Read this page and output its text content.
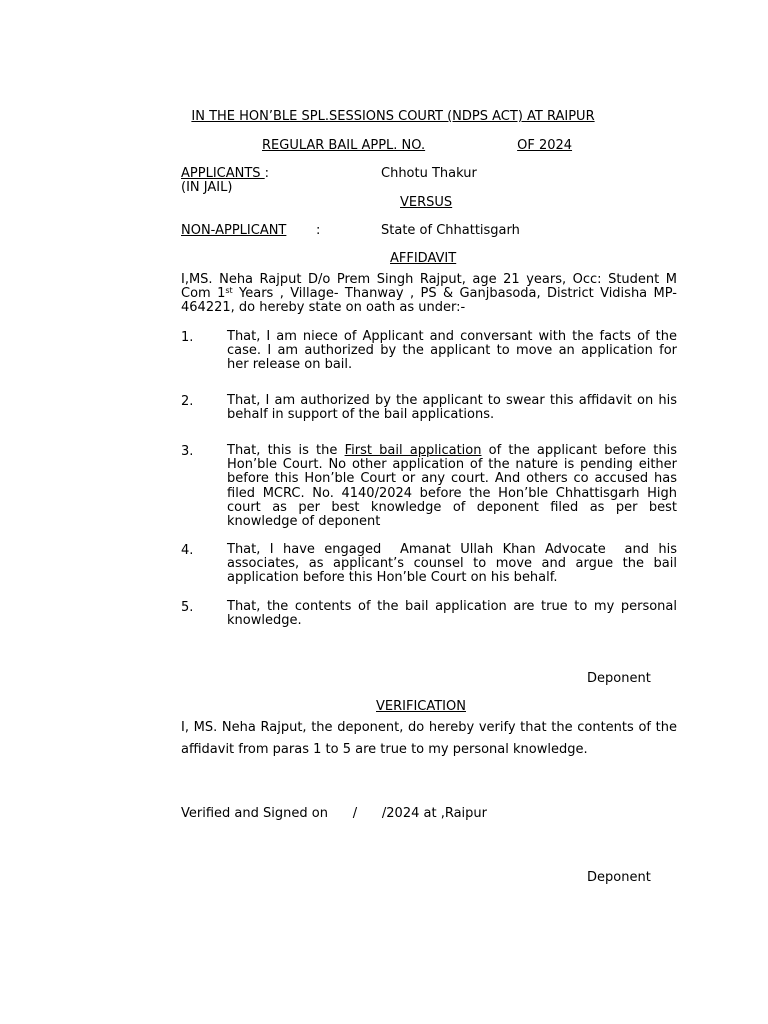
IN THE HON’BLE SPL.SESSIONS COURT (NDPS ACT) AT RAIPUR
REGULAR BAIL APPL. NO.	OF 2024
APPLICANTS :
(IN JAIL)
Chhotu Thakur
VERSUS
NON-APPLICANT :	State of Chhattisgarh
AFFIDAVIT
I,MS. Neha Rajput D/o Prem Singh Rajput, age 21 years, Occ: Student M Com 1st Years , Village- Thanway , PS & Ganjbasoda, District Vidisha MP- 464221, do hereby state on oath as under:-
1.	That, I am niece of Applicant and conversant with the facts of the case. I am authorized by the applicant to move an application for her release on bail.
2.	That, I am authorized by the applicant to swear this affidavit on his behalf in support of the bail applications.
3.	That, this is the First bail application of the applicant before this Hon’ble Court. No other application of the nature is pending either before this Hon’ble Court or any court. And others co accused has filed MCRC. No. 4140/2024 before the Hon’ble Chhattisgarh High court as per best knowledge of deponent filed as per best knowledge of deponent
4.	That, I have engaged  Amanat Ullah Khan Advocate  and his associates, as applicant’s counsel to move and argue the bail application before this Hon’ble Court on his behalf.
5.	That, the contents of the bail application are true to my personal knowledge.
Deponent
VERIFICATION
I, MS. Neha Rajput, the deponent, do hereby verify that the contents of the affidavit from paras 1 to 5 are true to my personal knowledge.
Verified and Signed on      /      /2024 at ,Raipur
Deponent
